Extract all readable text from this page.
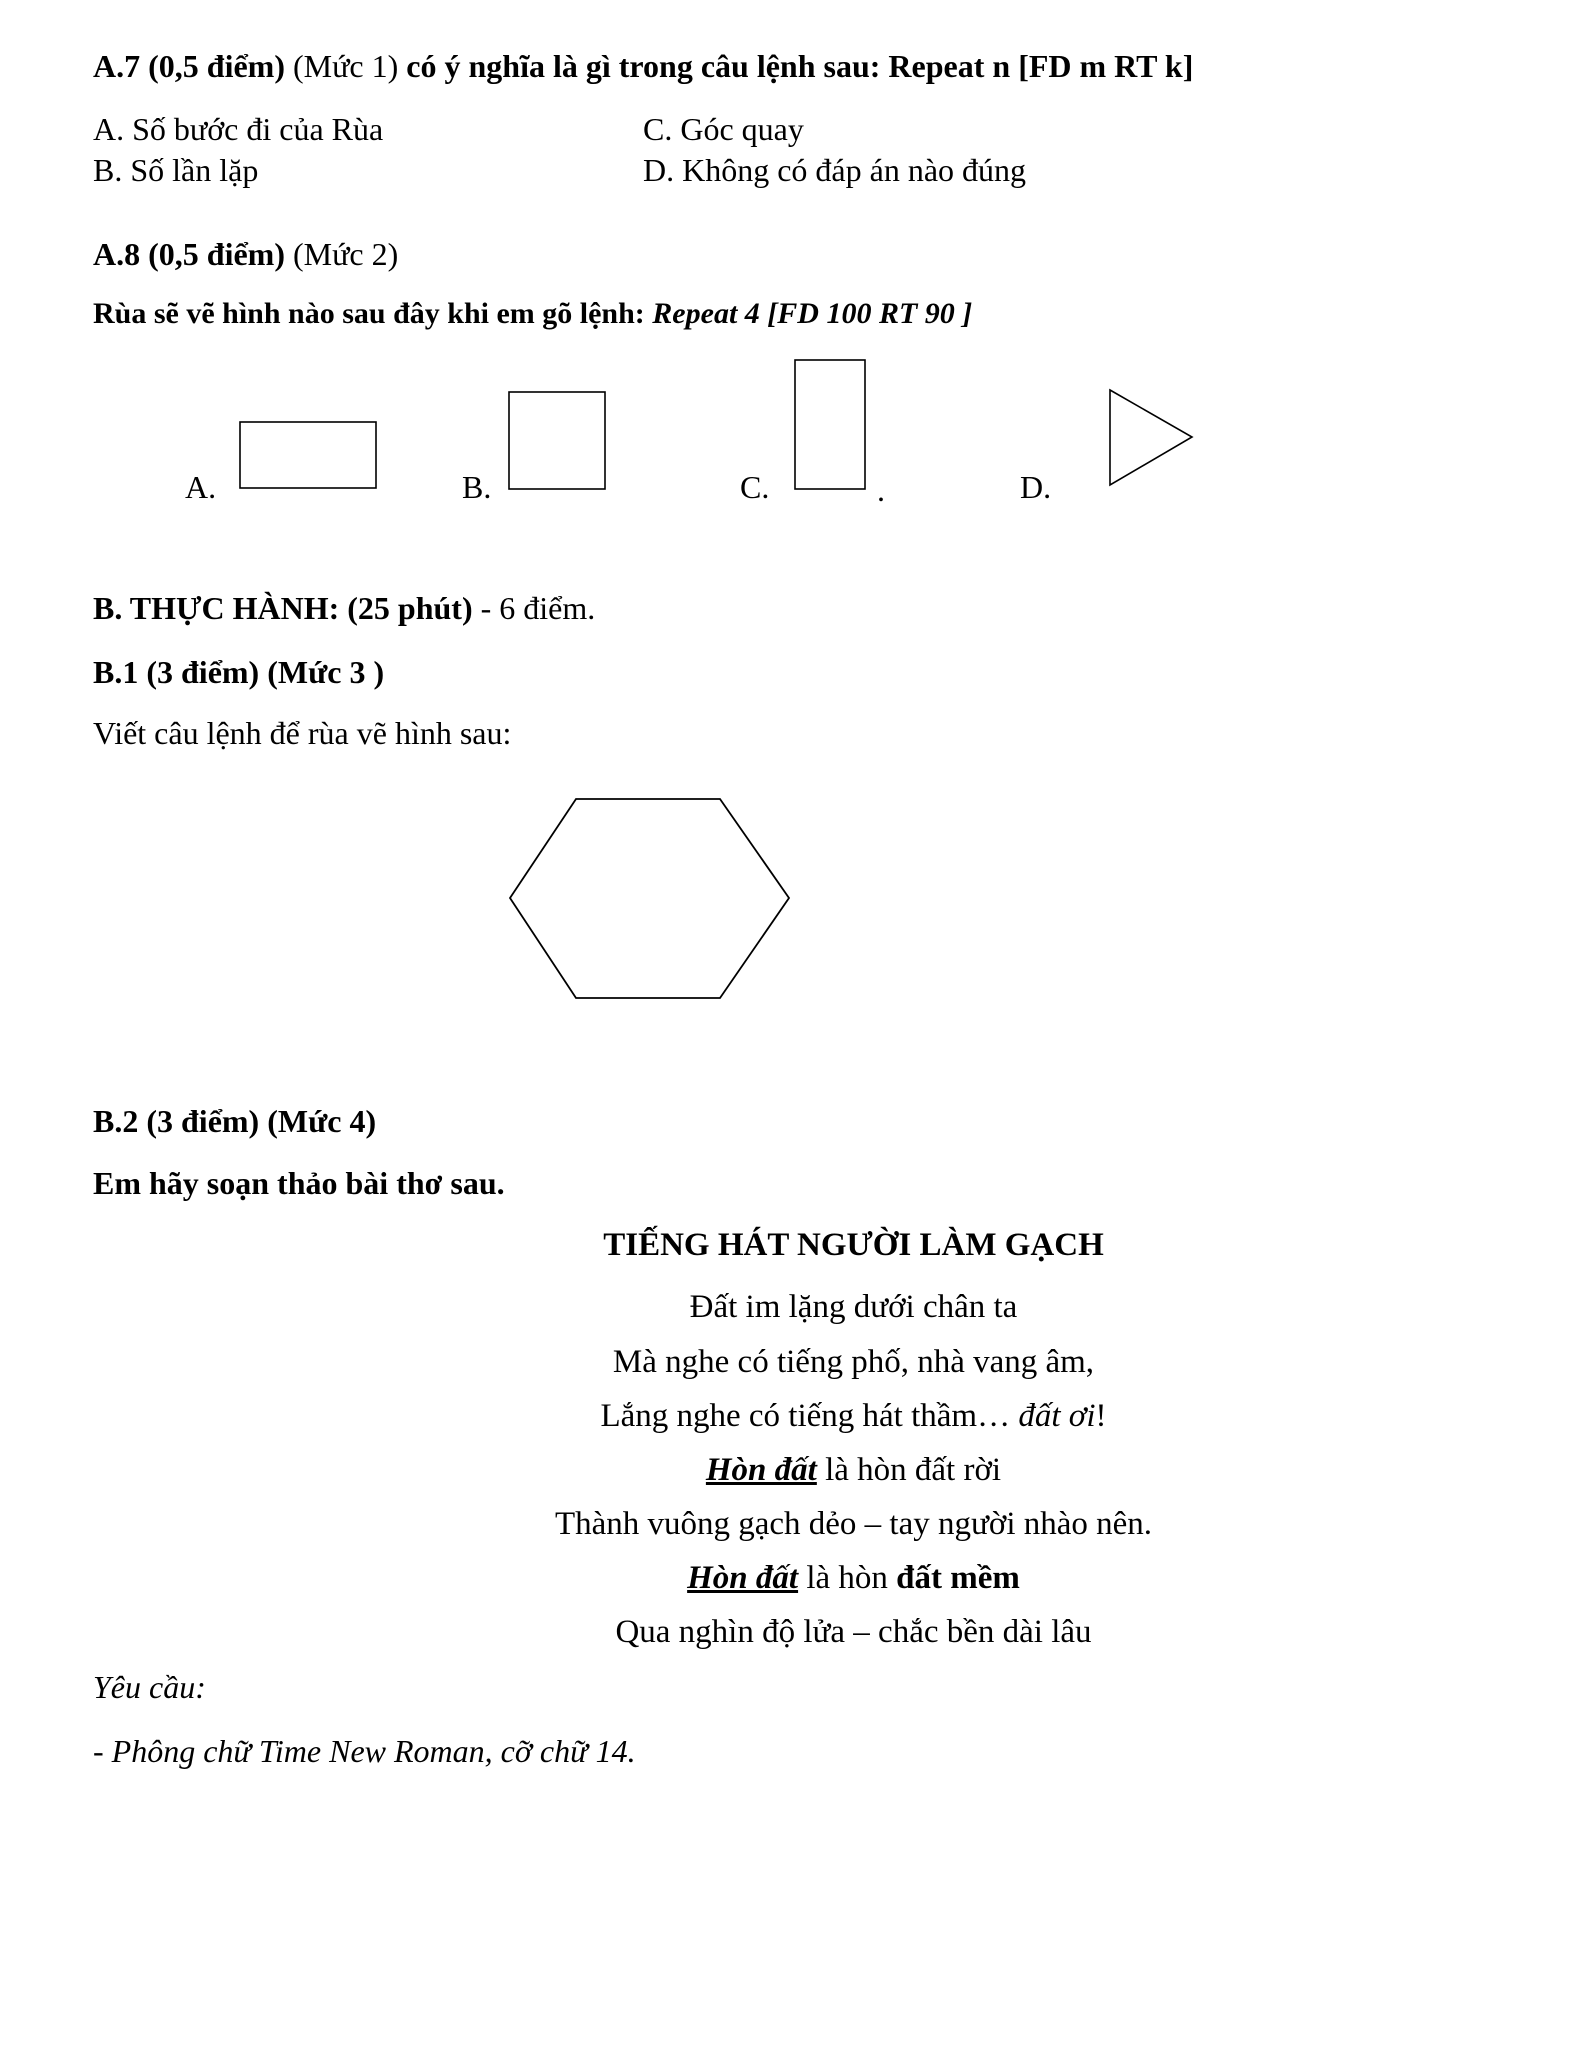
A.7 (0,5 điểm) (Mức 1) có ý nghĩa là gì trong câu lệnh sau: Repeat n [FD m RT k]
A. Số bước đi của Rùa	C. Góc quay
B. Số lần lặp	D. Không có đáp án nào đúng
A.8 (0,5 điểm) (Mức 2)
Rùa sẽ vẽ hình nào sau đây khi em gõ lệnh: Repeat 4 [FD 100 RT 90 ]
A.	B.	C.	.	D.
B. THỰC HÀNH: (25 phút) - 6 điểm.
B.1 (3 điểm) (Mức 3 )
Viết câu lệnh để rùa vẽ hình sau:
B.2 (3 điểm) (Mức 4)
Em hãy soạn thảo bài thơ sau.
TIẾNG HÁT NGƯỜI LÀM GẠCH
Đất im lặng dưới chân ta
Mà nghe có tiếng phố, nhà vang âm,
Lắng nghe có tiếng hát thầm… đất ơi!
Hòn đất là hòn đất rời
Thành vuông gạch dẻo – tay người nhào nên.
Hòn đất là hòn đất mềm
Qua nghìn độ lửa – chắc bền dài lâu
Yêu cầu:
- Phông chữ Time New Roman, cỡ chữ 14.
